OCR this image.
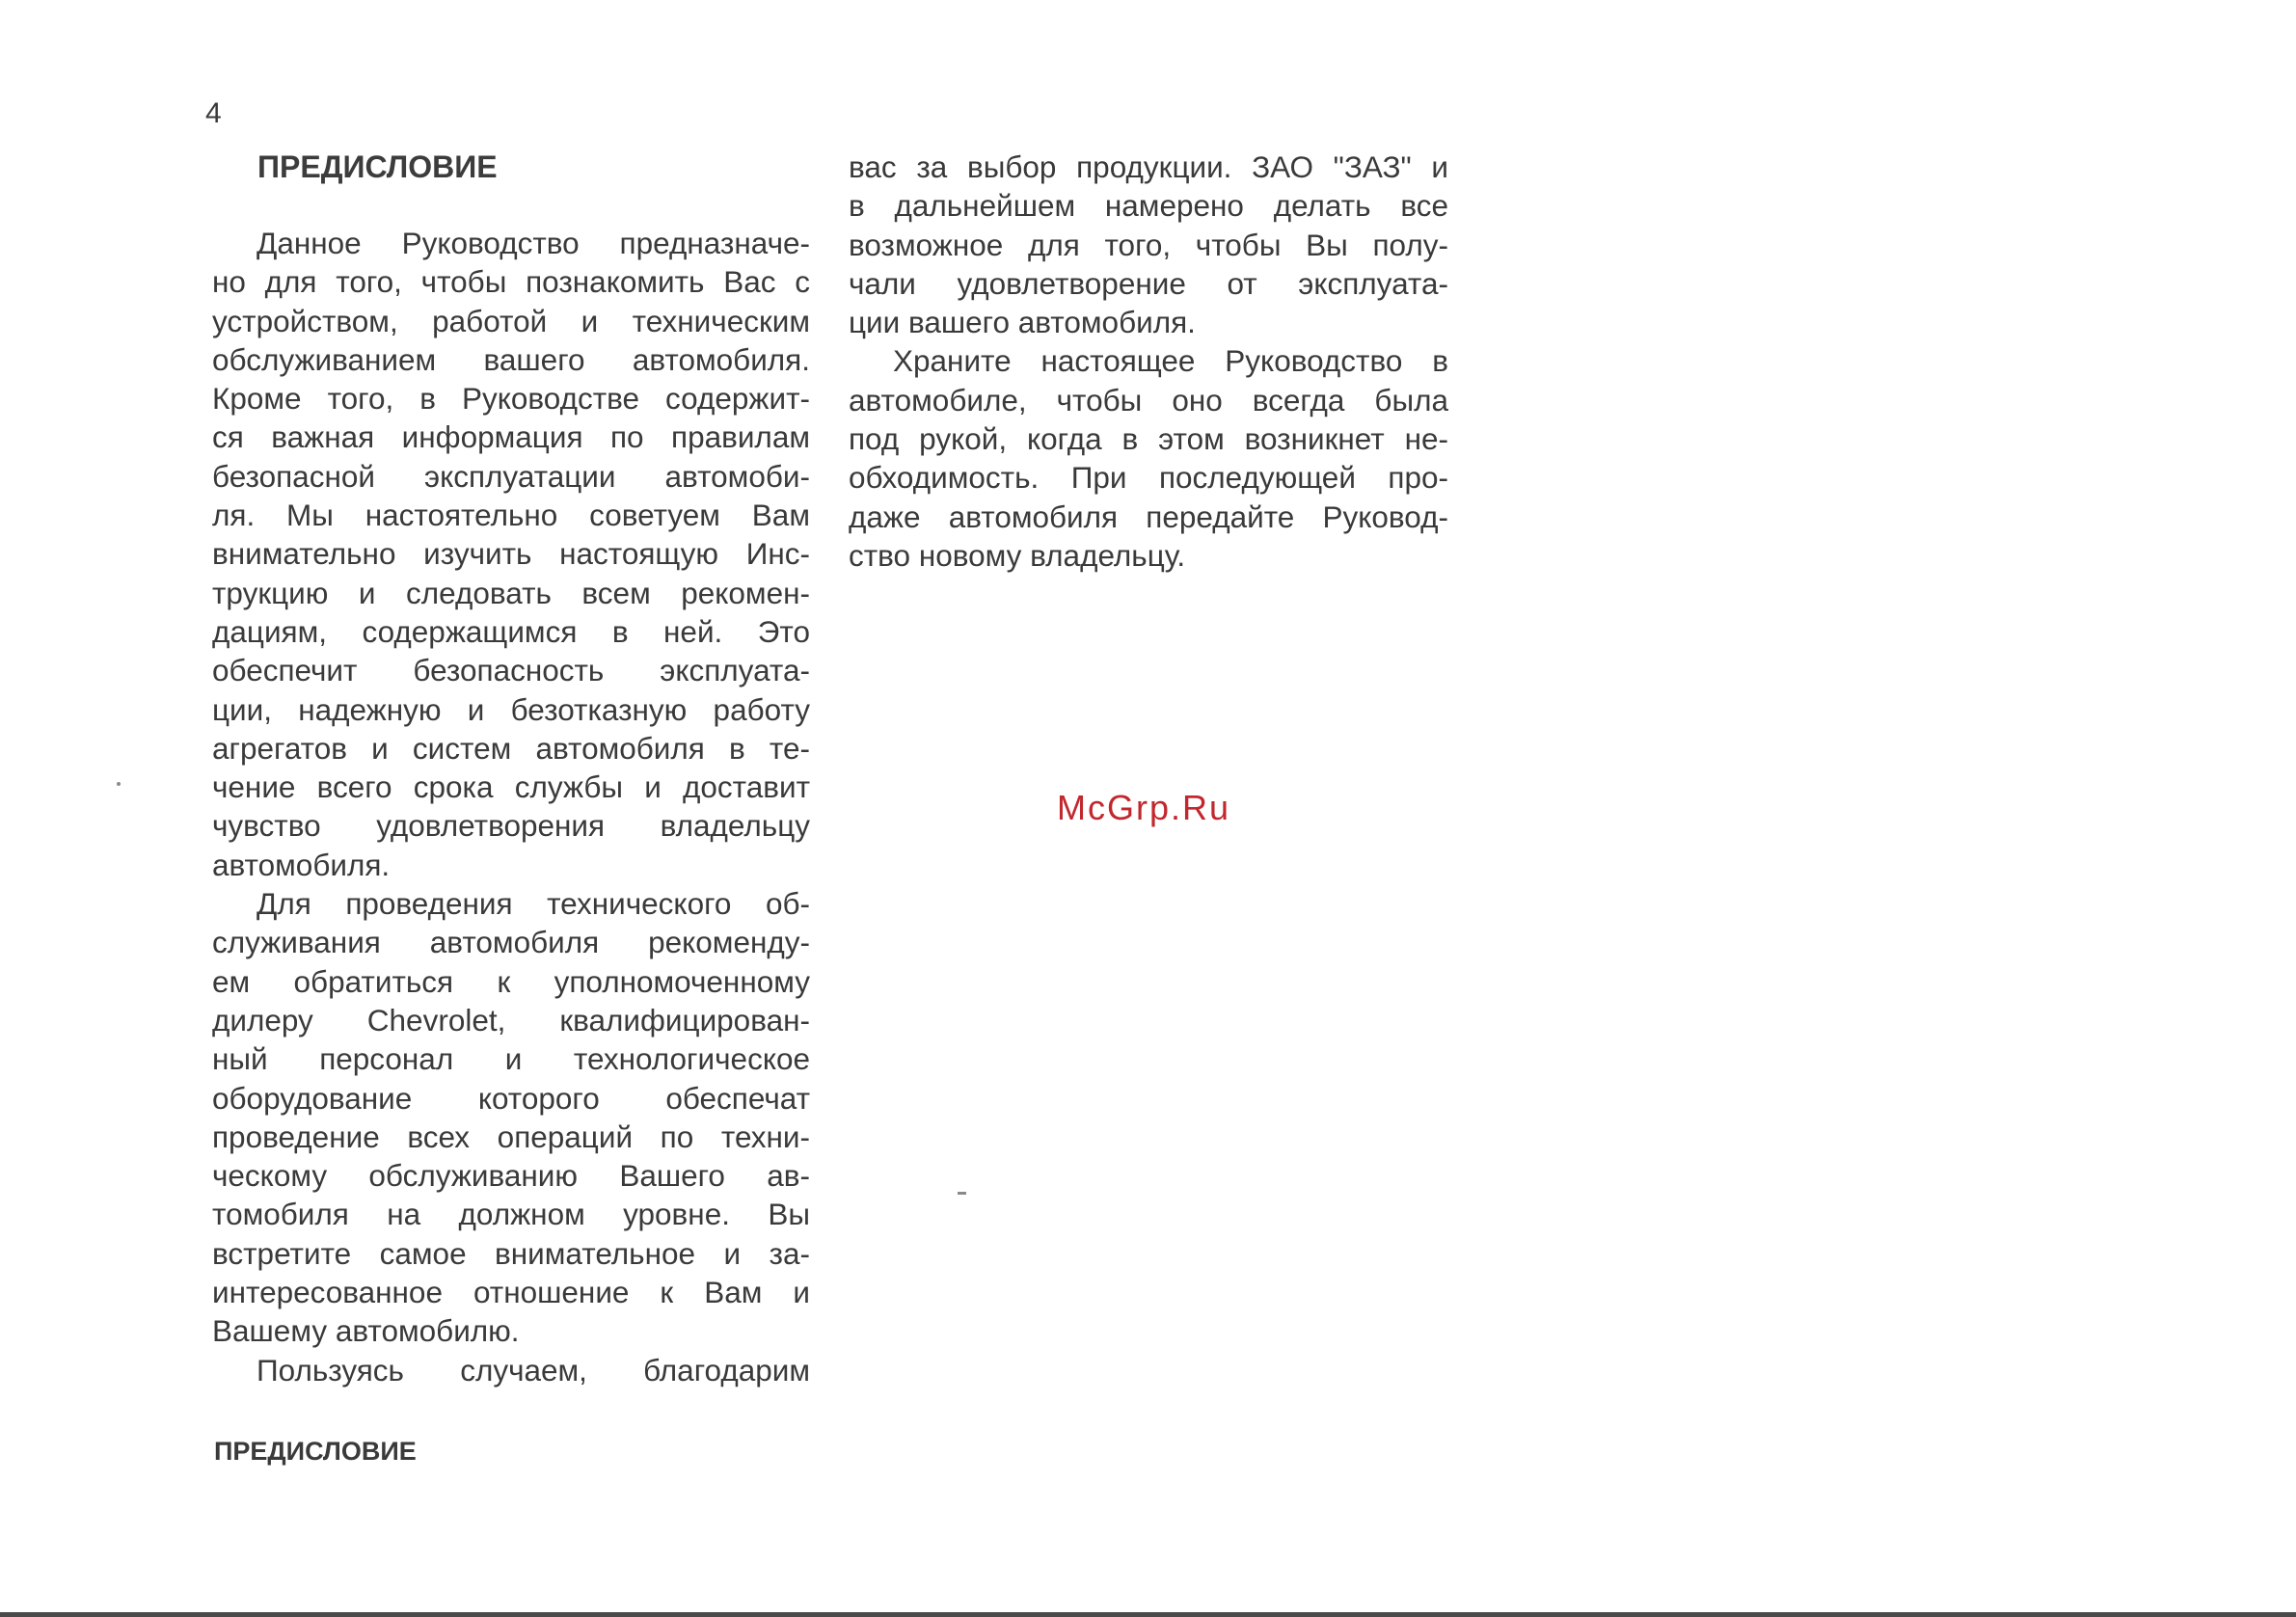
4
ПРЕДИСЛОВИЕ
Данное Руководство предназначе-
но для того, чтобы познакомить Вас с
устройством, работой и техническим
обслуживанием вашего автомобиля.
Кроме того, в Руководстве содержит-
ся важная информация по правилам
безопасной эксплуатации автомоби-
ля. Мы настоятельно советуем Вам
внимательно изучить настоящую Инс-
трукцию и следовать всем рекомен-
дациям, содержащимся в ней. Это
обеспечит безопасность эксплуата-
ции, надежную и безотказную работу
агрегатов и систем автомобиля в те-
чение всего срока службы и доставит
чувство удовлетворения владельцу
автомобиля.
Для проведения технического об-
служивания автомобиля рекоменду-
ем обратиться к уполномоченному
дилеру Chevrolet, квалифицирован-
ный персонал и технологическое
оборудование которого обеспечат
проведение всех операций по техни-
ческому обслуживанию Вашего ав-
томобиля на должном уровне. Вы
встретите самое внимательное и за-
интересованное отношение к Вам и
Вашему автомобилю.
Пользуясь случаем, благодарим
вас за выбор продукции. ЗАО "ЗАЗ" и
в дальнейшем намерено делать все
возможное для того, чтобы Вы полу-
чали удовлетворение от эксплуата-
ции вашего автомобиля.
Храните настоящее Руководство в
автомобиле, чтобы оно всегда была
под рукой, когда в этом возникнет не-
обходимость. При последующей про-
даже автомобиля передайте Руковод-
ство новому владельцу.
McGrp.Ru
ПРЕДИСЛОВИЕ
